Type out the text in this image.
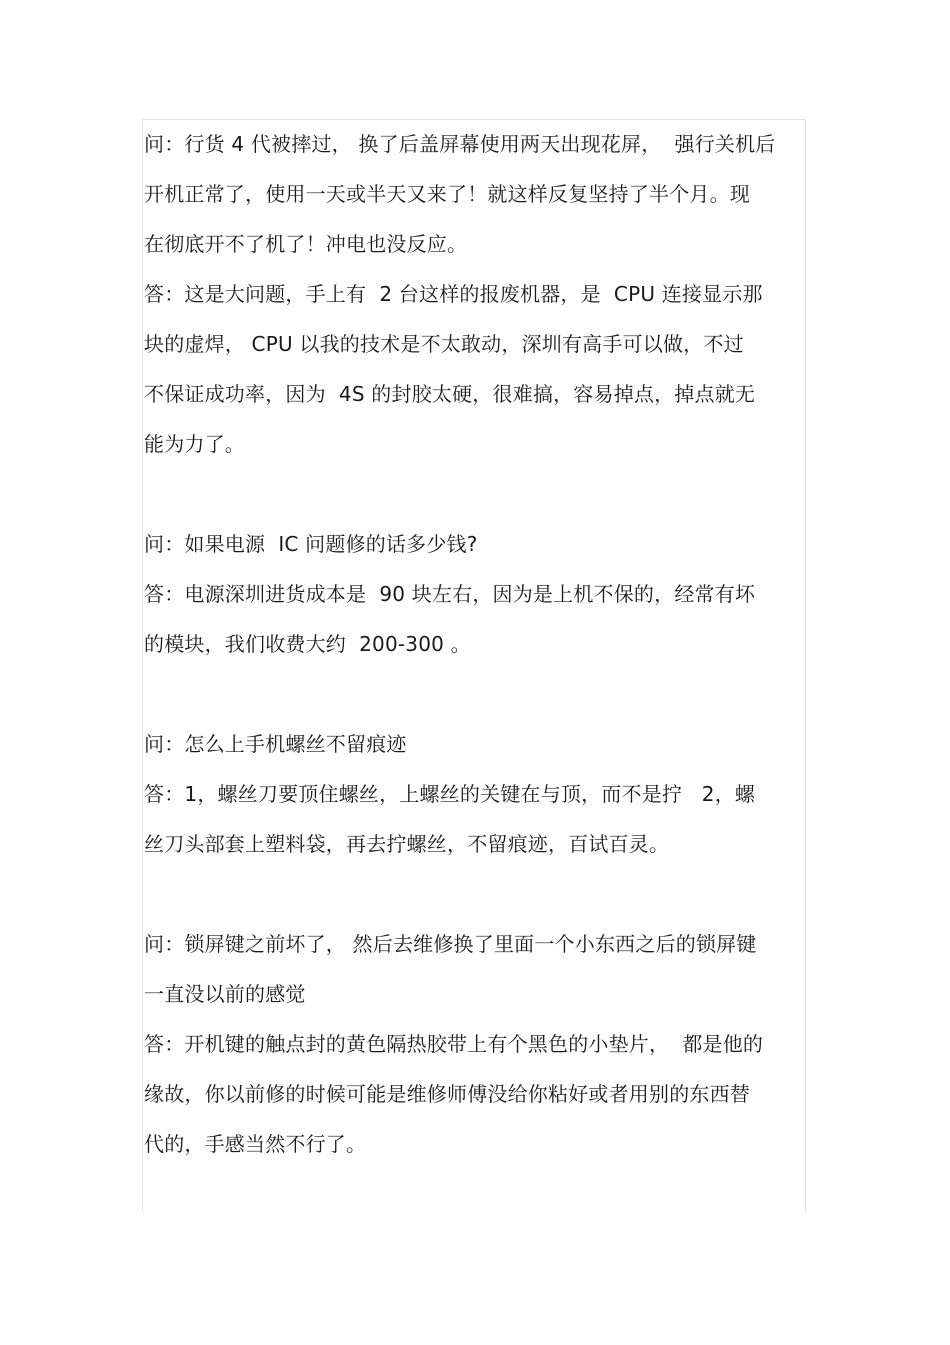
问：行货 4 代被摔过， 换了后盖屏幕使用两天出现花屏，  强行关机后
开机正常了，使用一天或半天又来了！就这样反复坚持了半个月。现
在彻底开不了机了！冲电也没反应。
答：这是大问题，手上有  2 台这样的报废机器，是  CPU 连接显示那
块的虚焊， CPU 以我的技术是不太敢动，深圳有高手可以做，不过
不保证成功率，因为  4S 的封胶太硬，很难搞，容易掉点，掉点就无
能为力了。
问：如果电源  IC 问题修的话多少钱?
答：电源深圳进货成本是  90 块左右，因为是上机不保的，经常有坏
的模块，我们收费大约  200-300 。
问：怎么上手机螺丝不留痕迹
答：1，螺丝刀要顶住螺丝，上螺丝的关键在与顶，而不是拧   2，螺
丝刀头部套上塑料袋，再去拧螺丝，不留痕迹，百试百灵。
问：锁屏键之前坏了， 然后去维修换了里面一个小东西之后的锁屏键
一直没以前的感觉
答：开机键的触点封的黄色隔热胶带上有个黑色的小垫片，  都是他的
缘故，你以前修的时候可能是维修师傅没给你粘好或者用别的东西替
代的，手感当然不行了。
